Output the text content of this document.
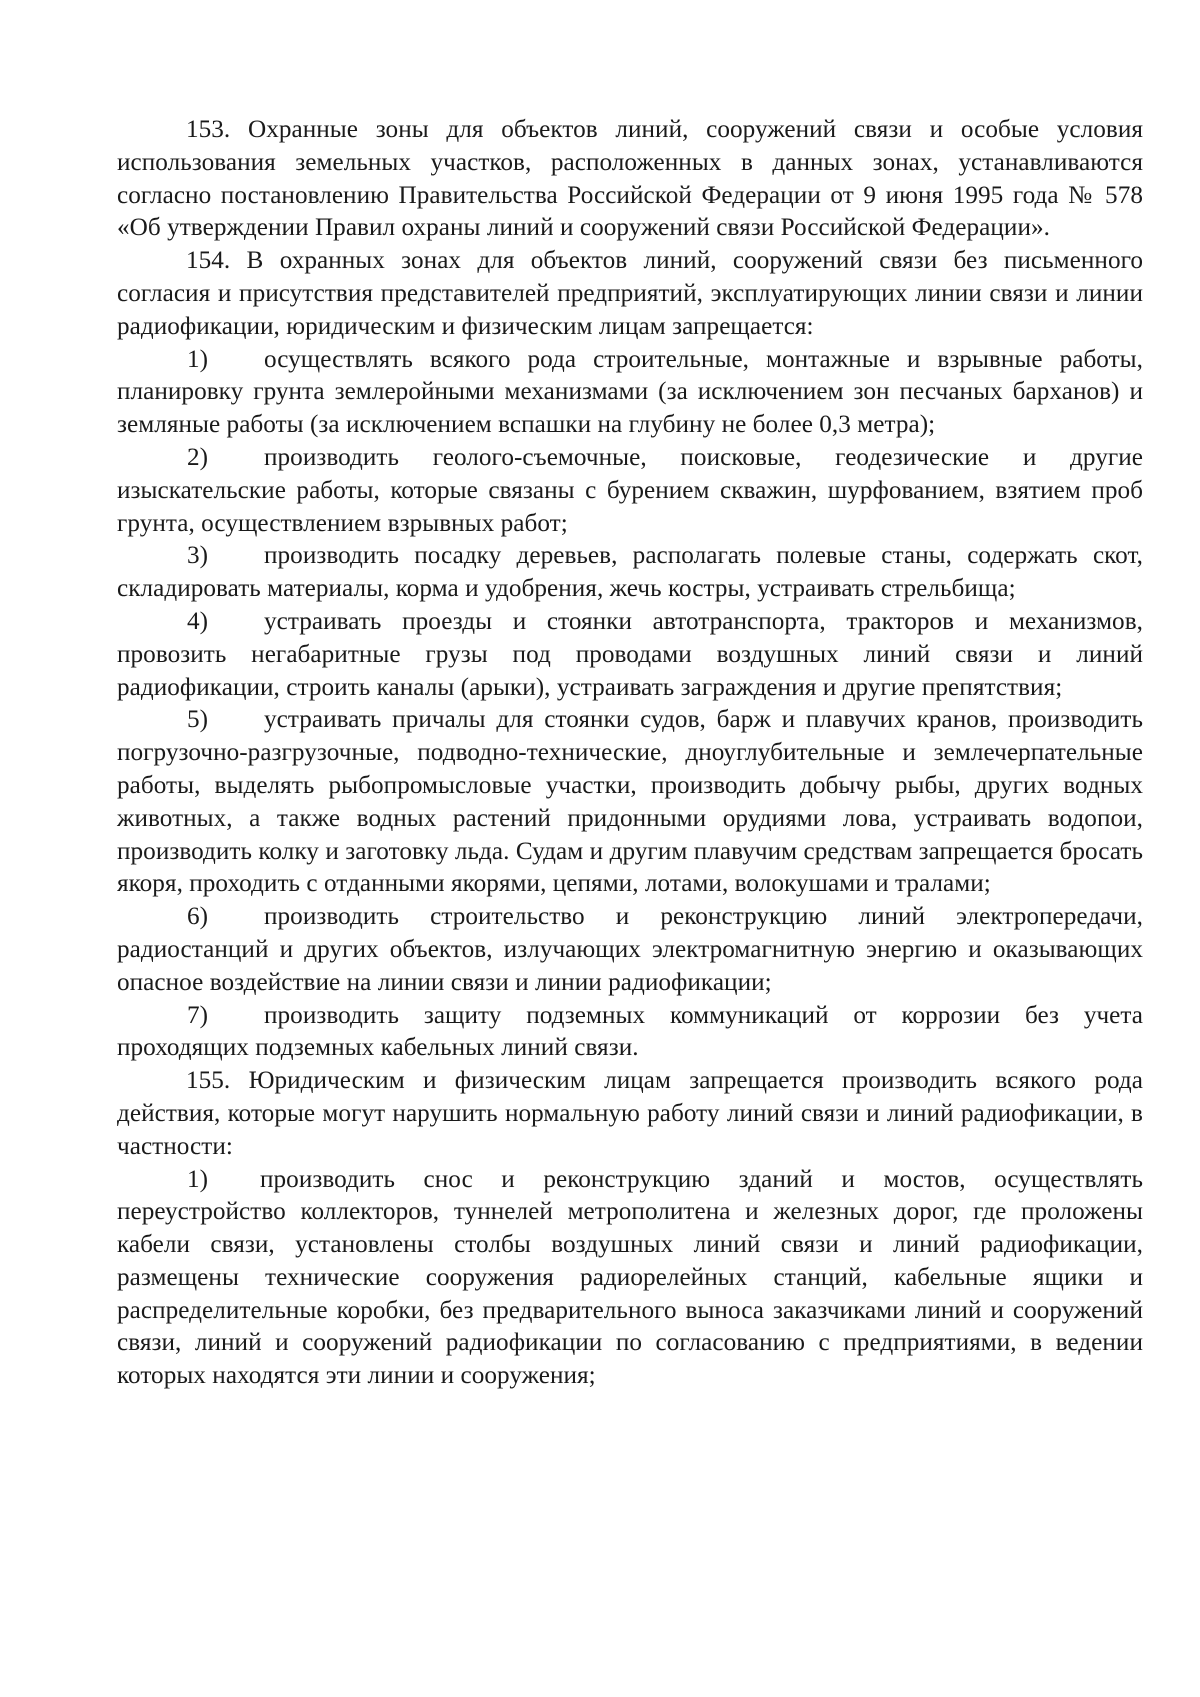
153. Охранные зоны для объектов линий, сооружений связи и особые условия использования земельных участков, расположенных в данных зонах, устанавливаются согласно постановлению Правительства Российской Федерации от 9 июня 1995 года № 578 «Об утверждении Правил охраны линий и сооружений связи Российской Федерации».

154. В охранных зонах для объектов линий, сооружений связи без письменного согласия и присутствия представителей предприятий, эксплуатирующих линии связи и линии радиофикации, юридическим и физическим лицам запрещается:

1) осуществлять всякого рода строительные, монтажные и взрывные работы, планировку грунта землеройными механизмами (за исключением зон песчаных барханов) и земляные работы (за исключением вспашки на глубину не более 0,3 метра);

2) производить геолого-съемочные, поисковые, геодезические и другие изыскательские работы, которые связаны с бурением скважин, шурфованием, взятием проб грунта, осуществлением взрывных работ;

3) производить посадку деревьев, располагать полевые станы, содержать скот, складировать материалы, корма и удобрения, жечь костры, устраивать стрельбища;

4) устраивать проезды и стоянки автотранспорта, тракторов и механизмов, провозить негабаритные грузы под проводами воздушных линий связи и линий радиофикации, строить каналы (арыки), устраивать заграждения и другие препятствия;

5) устраивать причалы для стоянки судов, барж и плавучих кранов, производить погрузочно-разгрузочные, подводно-технические, дноуглубительные и землечерпательные работы, выделять рыбопромысловые участки, производить добычу рыбы, других водных животных, а также водных растений придонными орудиями лова, устраивать водопои, производить колку и заготовку льда. Судам и другим плавучим средствам запрещается бросать якоря, проходить с отданными якорями, цепями, лотами, волокушами и тралами;

6) производить строительство и реконструкцию линий электропередачи, радиостанций и других объектов, излучающих электромагнитную энергию и оказывающих опасное воздействие на линии связи и линии радиофикации;

7) производить защиту подземных коммуникаций от коррозии без учета проходящих подземных кабельных линий связи.

155. Юридическим и физическим лицам запрещается производить всякого рода действия, которые могут нарушить нормальную работу линий связи и линий радиофикации, в частности:

1) производить снос и реконструкцию зданий и мостов, осуществлять переустройство коллекторов, туннелей метрополитена и железных дорог, где проложены кабели связи, установлены столбы воздушных линий связи и линий радиофикации, размещены технические сооружения радиорелейных станций, кабельные ящики и распределительные коробки, без предварительного выноса заказчиками линий и сооружений связи, линий и сооружений радиофикации по согласованию с предприятиями, в ведении которых находятся эти линии и сооружения;
